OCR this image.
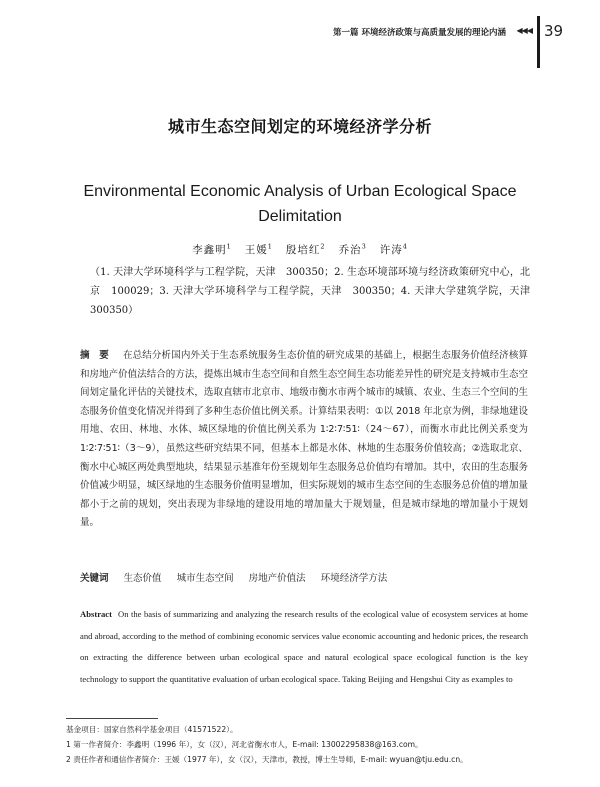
第一篇 环境经济政策与高质量发展的理论内涵 ◀◀◀ 39
城市生态空间划定的环境经济学分析
Environmental Economic Analysis of Urban Ecological Space Delimitation
李鑫明$^1$ 王媛$^1$ 殷培红$^2$ 乔治$^3$ 许涛$^4$
（1. 天津大学环境科学与工程学院，天津　300350；2. 生态环境部环境与经济政策研究中心，北京　100029；3. 天津大学环境科学与工程学院，天津　300350；4. 天津大学建筑学院，天津　300350）
摘　要 在总结分析国内外关于生态系统服务生态价值的研究成果的基础上，根据生态服务价值经济核算和房地产价值法结合的方法，提炼出城市生态空间和自然生态空间生态功能差异性的研究是支持城市生态空间划定量化评估的关键技术，选取直辖市北京市、地级市衡水市两个城市的城镇、农业、生态三个空间的生态服务价值变化情况并得到了多种生态价值比例关系。计算结果表明：①以 2018 年北京为例，非绿地建设用地、农田、林地、水体、城区绿地的价值比例关系为 1∶2∶7∶51∶（24～67），而衡水市此比例关系变为 1∶2∶7∶51∶（3～9），虽然这些研究结果不同，但基本上都是水体、林地的生态服务价值较高；②选取北京、衡水中心城区两处典型地块，结果显示基准年份至规划年生态服务总价值均有增加。其中，农田的生态服务价值减少明显，城区绿地的生态服务价值明显增加，但实际规划的城市生态空间的生态服务总价值的增加量都小于之前的规划，突出表现为非绿地的建设用地的增加量大于规划量，但是城市绿地的增加量小于规划量。
关键词 生态价值 城市生态空间 房地产价值法 环境经济学方法
Abstract On the basis of summarizing and analyzing the research results of the ecological value of ecosystem services at home and abroad, according to the method of combining economic services value economic accounting and hedonic prices, the research on extracting the difference between urban ecological space and natural ecological space ecological function is the key technology to support the quantitative evaluation of urban ecological space. Taking Beijing and Hengshui City as examples to
基金项目：国家自然科学基金项目（41571522）。
1 第一作者简介：李鑫明（1996 年），女（汉），河北省衡水市人，E-mail: 13002295838@163.com。
2 责任作者和通信作者简介：王媛（1977 年），女（汉），天津市，教授，博士生导师，E-mail: wyuan@tju.edu.cn。
